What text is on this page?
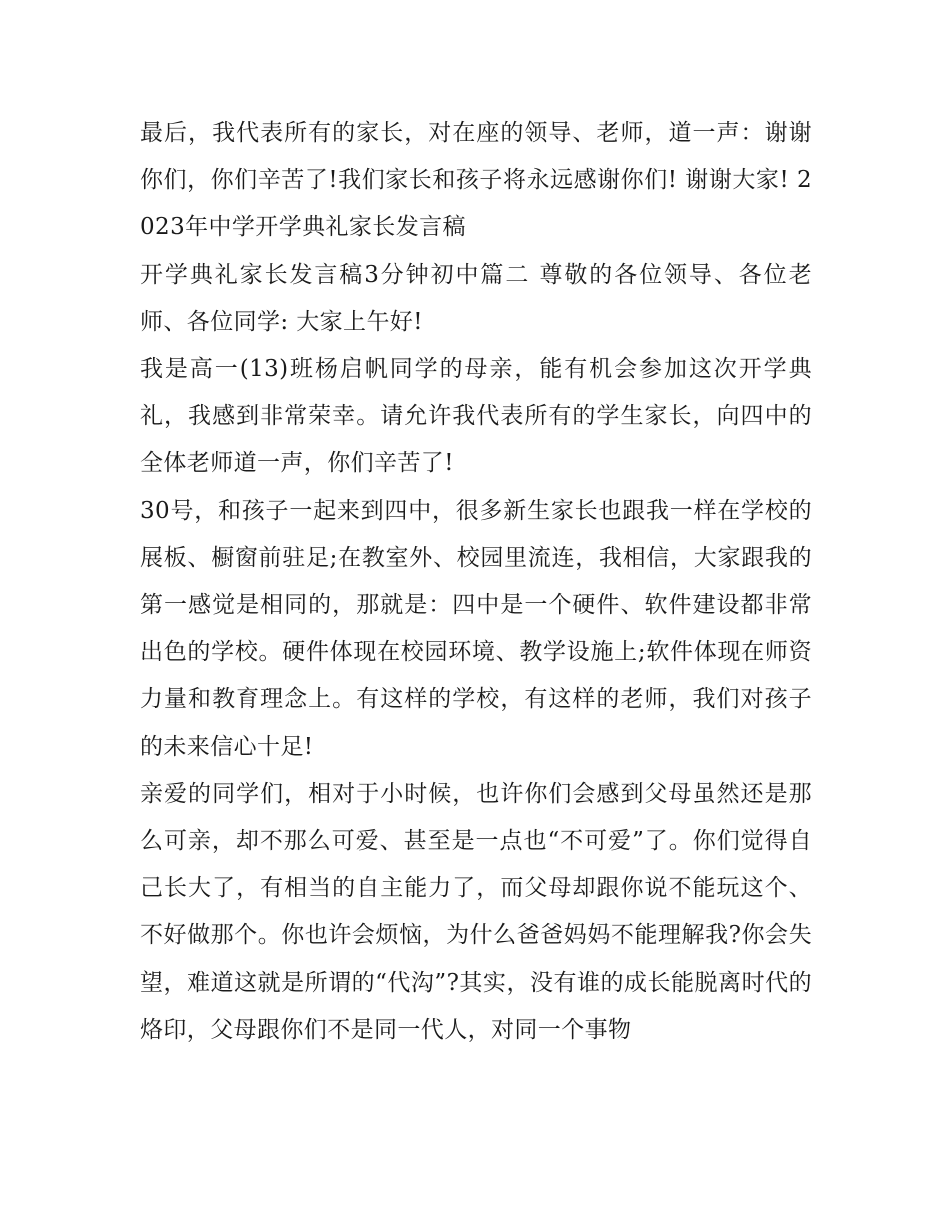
最后，我代表所有的家长，对在座的领导、老师，道一声：谢谢你们，你们辛苦了!我们家长和孩子将永远感谢你们! 谢谢大家! 2023年中学开学典礼家长发言稿

开学典礼家长发言稿3分钟初中篇二 尊敬的各位领导、各位老师、各位同学: 大家上午好!

我是高一(13)班杨启帆同学的母亲，能有机会参加这次开学典礼，我感到非常荣幸。请允许我代表所有的学生家长，向四中的全体老师道一声，你们辛苦了!

30号，和孩子一起来到四中，很多新生家长也跟我一样在学校的展板、橱窗前驻足;在教室外、校园里流连，我相信，大家跟我的第一感觉是相同的，那就是：四中是一个硬件、软件建设都非常出色的学校。硬件体现在校园环境、教学设施上;软件体现在师资力量和教育理念上。有这样的学校，有这样的老师，我们对孩子的未来信心十足!

亲爱的同学们，相对于小时候，也许你们会感到父母虽然还是那么可亲，却不那么可爱、甚至是一点也“不可爱”了。你们觉得自己长大了，有相当的自主能力了，而父母却跟你说不能玩这个、不好做那个。你也许会烦恼，为什么爸爸妈妈不能理解我?你会失望，难道这就是所谓的“代沟”?其实，没有谁的成长能脱离时代的烙印，父母跟你们不是同一代人，对同一个事物
